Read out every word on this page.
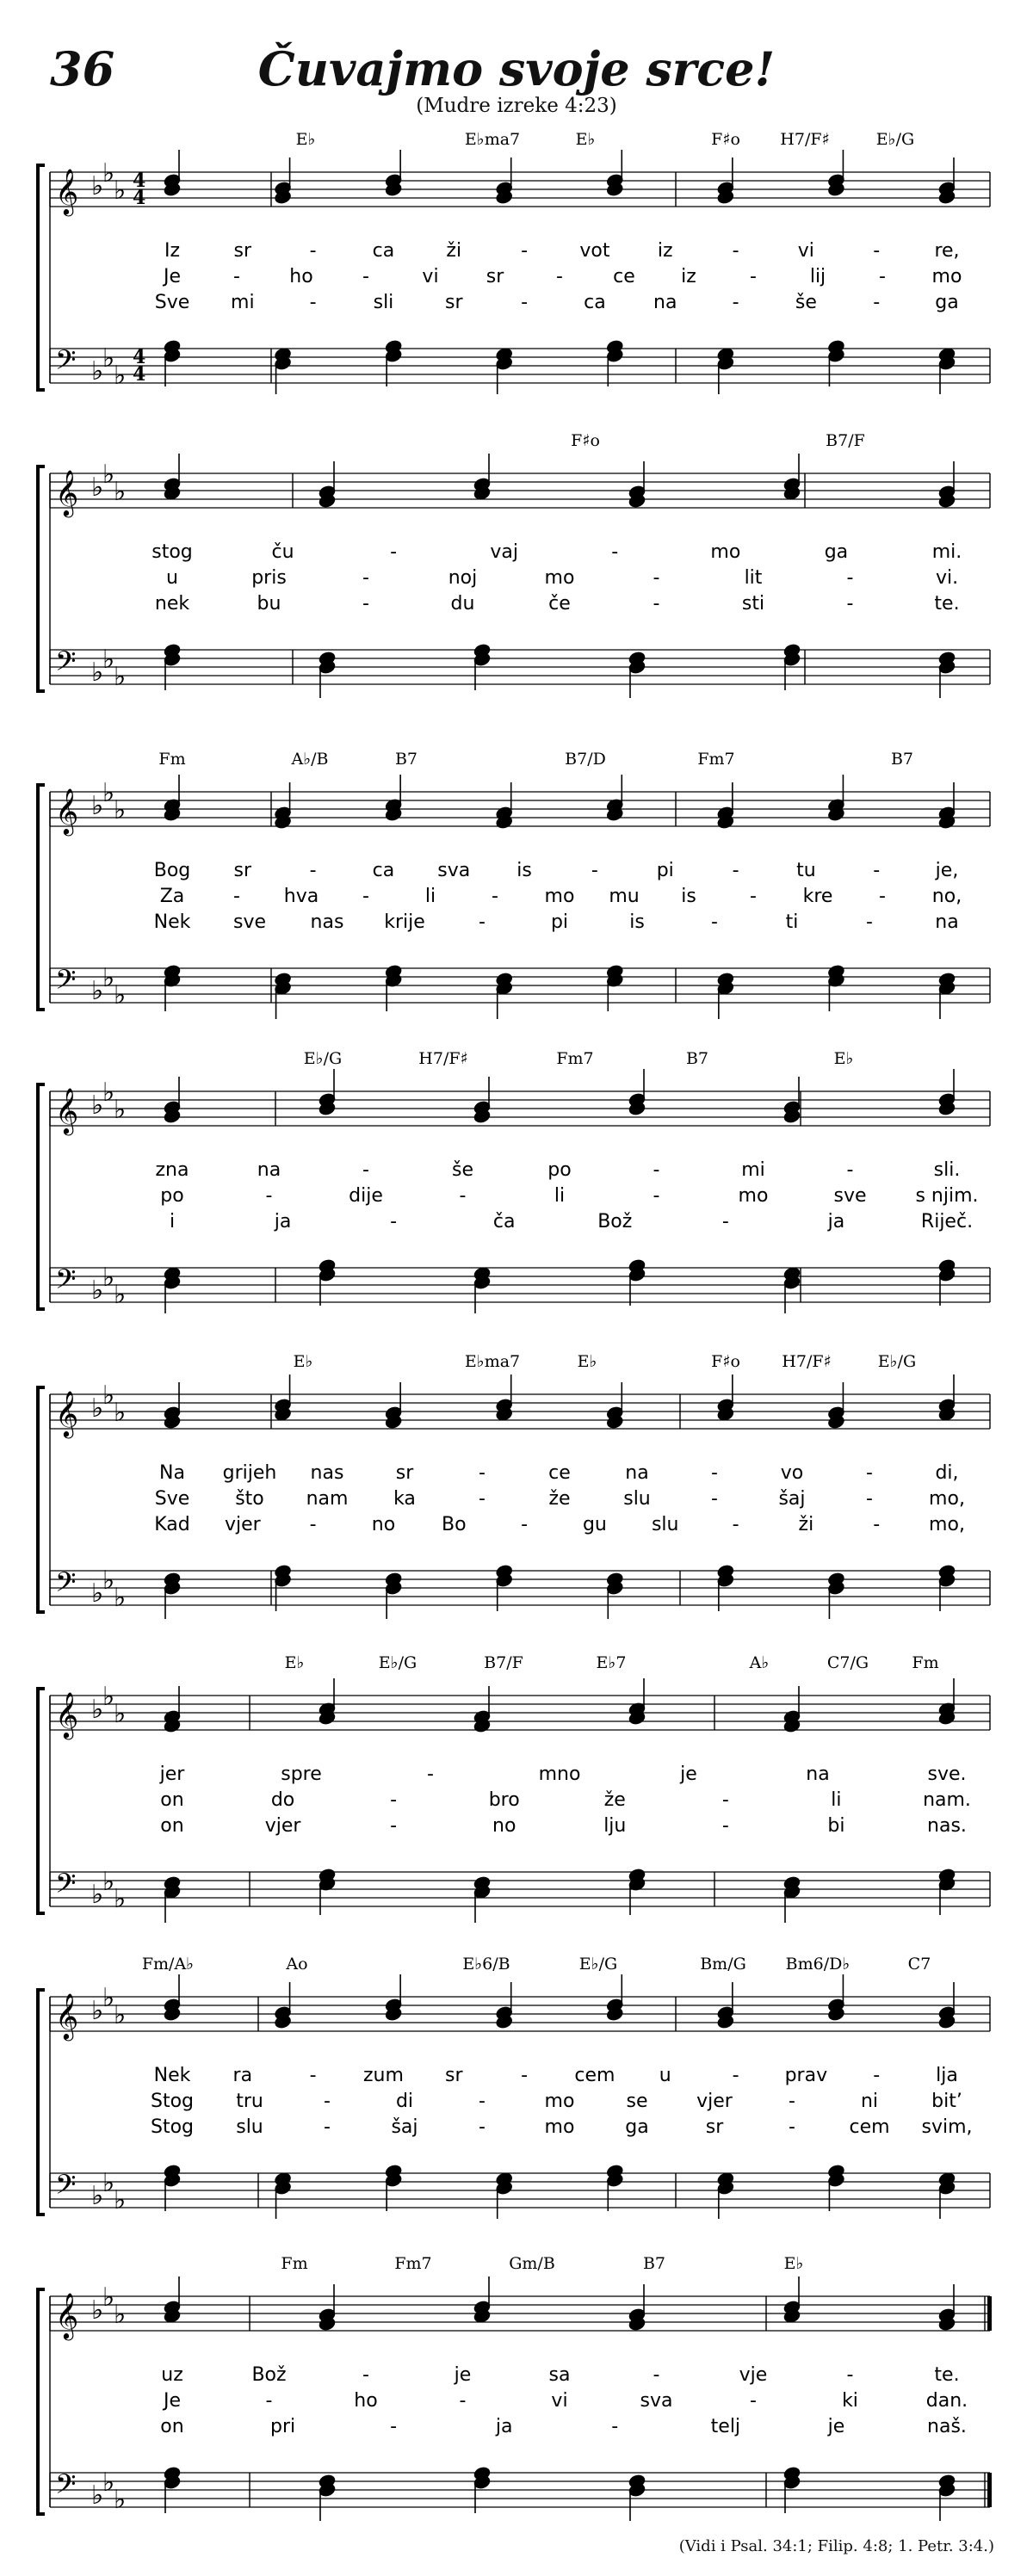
36	Čuvajmo svoje srce!
(Mudre izreke 4:23)
𝄞
𝄢
♭
♭
♭
♭
♭
♭
4
4
4
4
E♭	E♭ma7	E♭	F♯o H7/F♯	E♭/G
Iz	sr	-	ca	ži	-	vot	iz	-	vi	-	re,
Je	-	ho	-	vi	sr	-	ce iz	-	lij	- mo
Sve mi	-	sli	sr	-	ca	na	-	še	-	ga
𝄞
𝄢
♭
♭
♭
♭
♭
♭
F♯o	B7/F
stog	ču	-	vaj	-	mo	ga	mi.
u	pris	-	noj	mo	-	lit	-	vi.
nek	bu	-	du	če	-	sti	-	te.
𝄞
𝄢
♭
♭
♭
♭
♭
♭
Fm	A♭/B	B7	B7/D	Fm7	B7
Bog sr	-	ca sva is	-	pi	-	tu	-	je,
Za	- hva -	li	- mo mu is	- kre - no,
Nek sve nas krije	-	pi	is	-	ti	-	na
𝄞
𝄢
♭
♭
♭
♭
♭
♭
E♭/G	H7/F♯	Fm7	B7	E♭
zna	na	-	še	po	-	mi	-	sli.
po	-	dije	-	li	-	mo	sve	s njim.
i	ja	-	ča	Bož	-	ja	Riječ.
𝄞
𝄢
♭
♭
♭
♭
♭
♭
E♭	E♭ma7	E♭	F♯o	H7/F♯	E♭/G
Na grijeh nas	sr	-	ce	na	-	vo	-	di,
Sve što nam ka	-	že	slu	-	šaj	-	mo,
Kad vjer	-	no Bo	-	gu slu	-	ži	-	mo,
𝄞
𝄢
♭
♭
♭
♭
♭
♭
E♭	E♭/G	B7/F	E♭7	A♭	C7/G	Fm
jer	spre	-	mno	je	na	sve.
on	do	-	bro	že	-	li	nam.
on	vjer	-	no	lju	-	bi	nas.
𝄞
𝄢
♭
♭
♭
♭
♭
♭
Fm/A♭	Ao	E♭6/B	E♭/G	Bm/G Bm6/D♭	C7
Nek ra	- zum sr	- cem u	- prav -	lja
Stog tru	-	di	-	mo	se	vjer	-	ni	bit’
Stog slu	-	šaj	-	mo	ga	sr	-	cem svim,
𝄞
𝄢
♭
♭
♭
♭
♭
♭
Fm	Fm7	Gm/B	B7	E♭
uz	Bož	-	je	sa	-	vje	-	te.
Je	-	ho	-	vi	sva	-	ki	dan.
on	pri	-	ja	-	telj	je	naš.
(Vidi i Psal. 34:1; Filip. 4:8; 1. Petr. 3:4.)
